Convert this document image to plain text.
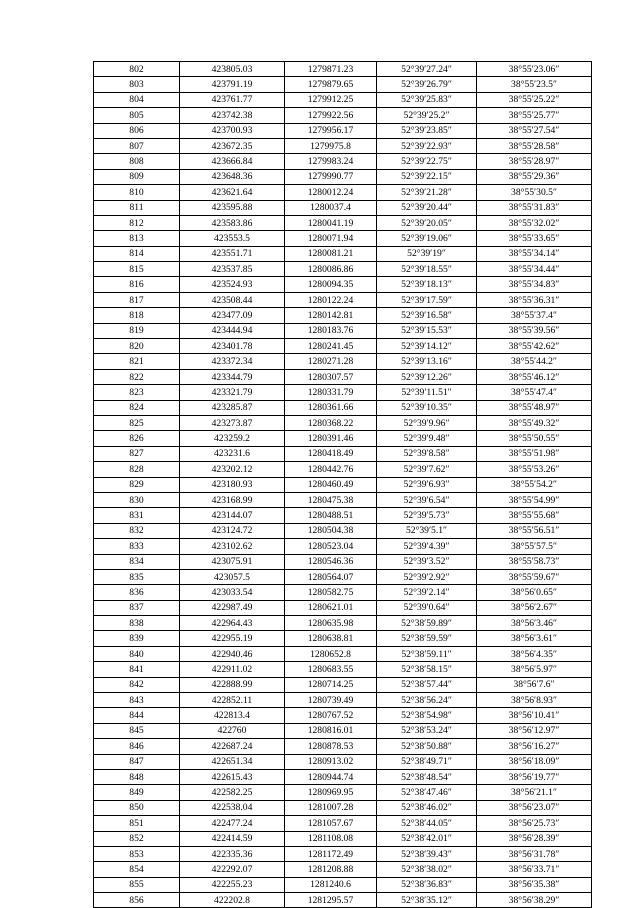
802	423805.03	1279871.23	52°39′27.24″	38°55′23.06″
803	423791.19	1279879.65	52°39′26.79″	38°55′23.5″
804	423761.77	1279912.25	52°39′25.83″	38°55′25.22″
805	423742.38	1279922.56	52°39′25.2″	38°55′25.77″
806	423700.93	1279956.17	52°39′23.85″	38°55′27.54″
807	423672.35	1279975.8	52°39′22.93″	38°55′28.58″
808	423666.84	1279983.24	52°39′22.75″	38°55′28.97″
809	423648.36	1279990.77	52°39′22.15″	38°55′29.36″
810	423621.64	1280012.24	52°39′21.28″	38°55′30.5″
811	423595.88	1280037.4	52°39′20.44″	38°55′31.83″
812	423583.86	1280041.19	52°39′20.05″	38°55′32.02″
813	423553.5	1280071.94	52°39′19.06″	38°55′33.65″
814	423551.71	1280081.21	52°39′19″	38°55′34.14″
815	423537.85	1280086.86	52°39′18.55″	38°55′34.44″
816	423524.93	1280094.35	52°39′18.13″	38°55′34.83″
817	423508.44	1280122.24	52°39′17.59″	38°55′36.31″
818	423477.09	1280142.81	52°39′16.58″	38°55′37.4″
819	423444.94	1280183.76	52°39′15.53″	38°55′39.56″
820	423401.78	1280241.45	52°39′14.12″	38°55′42.62″
821	423372.34	1280271.28	52°39′13.16″	38°55′44.2″
822	423344.79	1280307.57	52°39′12.26″	38°55′46.12″
823	423321.79	1280331.79	52°39′11.51″	38°55′47.4″
824	423285.87	1280361.66	52°39′10.35″	38°55′48.97″
825	423273.87	1280368.22	52°39′9.96″	38°55′49.32″
826	423259.2	1280391.46	52°39′9.48″	38°55′50.55″
827	423231.6	1280418.49	52°39′8.58″	38°55′51.98″
828	423202.12	1280442.76	52°39′7.62″	38°55′53.26″
829	423180.93	1280460.49	52°39′6.93″	38°55′54.2″
830	423168.99	1280475.38	52°39′6.54″	38°55′54.99″
831	423144.07	1280488.51	52°39′5.73″	38°55′55.68″
832	423124.72	1280504.38	52°39′5.1″	38°55′56.51″
833	423102.62	1280523.04	52°39′4.39″	38°55′57.5″
834	423075.91	1280546.36	52°39′3.52″	38°55′58.73″
835	423057.5	1280564.07	52°39′2.92″	38°55′59.67″
836	423033.54	1280582.75	52°39′2.14″	38°56′0.65″
837	422987.49	1280621.01	52°39′0.64″	38°56′2.67″
838	422964.43	1280635.98	52°38′59.89″	38°56′3.46″
839	422955.19	1280638.81	52°38′59.59″	38°56′3.61″
840	422940.46	1280652.8	52°38′59.11″	38°56′4.35″
841	422911.02	1280683.55	52°38′58.15″	38°56′5.97″
842	422888.99	1280714.25	52°38′57.44″	38°56′7.6″
843	422852.11	1280739.49	52°38′56.24″	38°56′8.93″
844	422813.4	1280767.52	52°38′54.98″	38°56′10.41″
845	422760	1280816.01	52°38′53.24″	38°56′12.97″
846	422687.24	1280878.53	52°38′50.88″	38°56′16.27″
847	422651.34	1280913.02	52°38′49.71″	38°56′18.09″
848	422615.43	1280944.74	52°38′48.54″	38°56′19.77″
849	422582.25	1280969.95	52°38′47.46″	38°56′21.1″
850	422538.04	1281007.28	52°38′46.02″	38°56′23.07″
851	422477.24	1281057.67	52°38′44.05″	38°56′25.73″
852	422414.59	1281108.08	52°38′42.01″	38°56′28.39″
853	422335.36	1281172.49	52°38′39.43″	38°56′31.78″
854	422292.07	1281208.88	52°38′38.02″	38°56′33.71″
855	422255.23	1281240.6	52°38′36.83″	38°56′35.38″
856	422202.8	1281295.57	52°38′35.12″	38°56′38.29″
